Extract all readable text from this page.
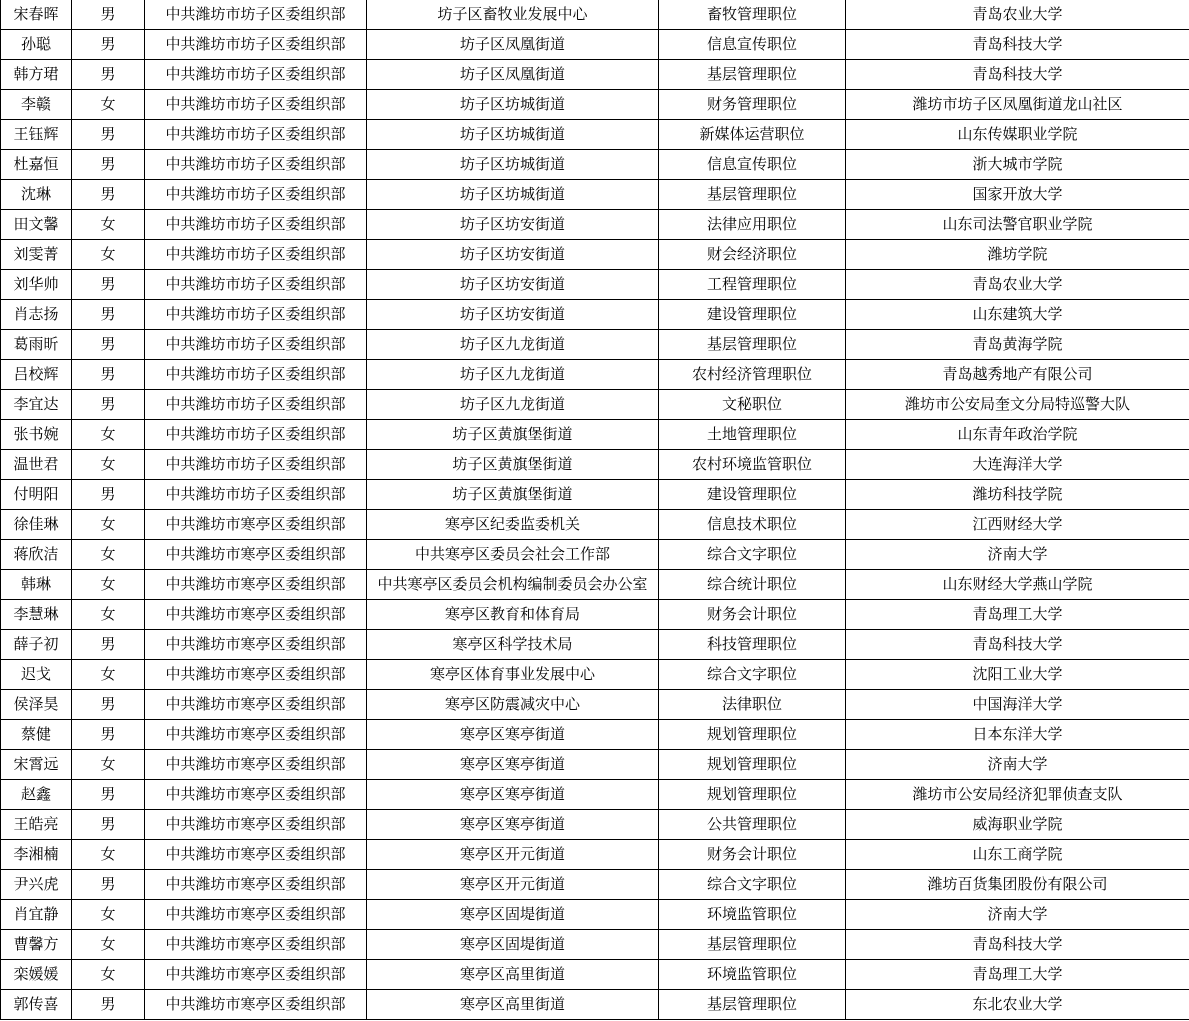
宋春晖	男	中共潍坊市坊子区委组织部	坊子区畜牧业发展中心	畜牧管理职位	青岛农业大学
孙聪	男	中共潍坊市坊子区委组织部	坊子区凤凰街道	信息宣传职位	青岛科技大学
韩方珺	男	中共潍坊市坊子区委组织部	坊子区凤凰街道	基层管理职位	青岛科技大学
李赣	女	中共潍坊市坊子区委组织部	坊子区坊城街道	财务管理职位	潍坊市坊子区凤凰街道龙山社区
王钰辉	男	中共潍坊市坊子区委组织部	坊子区坊城街道	新媒体运营职位	山东传媒职业学院
杜嘉恒	男	中共潍坊市坊子区委组织部	坊子区坊城街道	信息宣传职位	浙大城市学院
沈琳	男	中共潍坊市坊子区委组织部	坊子区坊城街道	基层管理职位	国家开放大学
田文馨	女	中共潍坊市坊子区委组织部	坊子区坊安街道	法律应用职位	山东司法警官职业学院
刘雯菁	女	中共潍坊市坊子区委组织部	坊子区坊安街道	财会经济职位	潍坊学院
刘华帅	男	中共潍坊市坊子区委组织部	坊子区坊安街道	工程管理职位	青岛农业大学
肖志扬	男	中共潍坊市坊子区委组织部	坊子区坊安街道	建设管理职位	山东建筑大学
葛雨昕	男	中共潍坊市坊子区委组织部	坊子区九龙街道	基层管理职位	青岛黄海学院
吕校辉	男	中共潍坊市坊子区委组织部	坊子区九龙街道	农村经济管理职位	青岛越秀地产有限公司
李宜达	男	中共潍坊市坊子区委组织部	坊子区九龙街道	文秘职位	潍坊市公安局奎文分局特巡警大队
张书婉	女	中共潍坊市坊子区委组织部	坊子区黄旗堡街道	土地管理职位	山东青年政治学院
温世君	女	中共潍坊市坊子区委组织部	坊子区黄旗堡街道	农村环境监管职位	大连海洋大学
付明阳	男	中共潍坊市坊子区委组织部	坊子区黄旗堡街道	建设管理职位	潍坊科技学院
徐佳琳	女	中共潍坊市寒亭区委组织部	寒亭区纪委监委机关	信息技术职位	江西财经大学
蒋欣洁	女	中共潍坊市寒亭区委组织部	中共寒亭区委员会社会工作部	综合文字职位	济南大学
韩琳	女	中共潍坊市寒亭区委组织部	中共寒亭区委员会机构编制委员会办公室	综合统计职位	山东财经大学燕山学院
李慧琳	女	中共潍坊市寒亭区委组织部	寒亭区教育和体育局	财务会计职位	青岛理工大学
薛子初	男	中共潍坊市寒亭区委组织部	寒亭区科学技术局	科技管理职位	青岛科技大学
迟戈	女	中共潍坊市寒亭区委组织部	寒亭区体育事业发展中心	综合文字职位	沈阳工业大学
侯泽昊	男	中共潍坊市寒亭区委组织部	寒亭区防震减灾中心	法律职位	中国海洋大学
蔡健	男	中共潍坊市寒亭区委组织部	寒亭区寒亭街道	规划管理职位	日本东洋大学
宋霄远	女	中共潍坊市寒亭区委组织部	寒亭区寒亭街道	规划管理职位	济南大学
赵鑫	男	中共潍坊市寒亭区委组织部	寒亭区寒亭街道	规划管理职位	潍坊市公安局经济犯罪侦查支队
王皓亮	男	中共潍坊市寒亭区委组织部	寒亭区寒亭街道	公共管理职位	威海职业学院
李湘楠	女	中共潍坊市寒亭区委组织部	寒亭区开元街道	财务会计职位	山东工商学院
尹兴虎	男	中共潍坊市寒亭区委组织部	寒亭区开元街道	综合文字职位	潍坊百货集团股份有限公司
肖宜静	女	中共潍坊市寒亭区委组织部	寒亭区固堤街道	环境监管职位	济南大学
曹馨方	女	中共潍坊市寒亭区委组织部	寒亭区固堤街道	基层管理职位	青岛科技大学
栾媛媛	女	中共潍坊市寒亭区委组织部	寒亭区高里街道	环境监管职位	青岛理工大学
郭传喜	男	中共潍坊市寒亭区委组织部	寒亭区高里街道	基层管理职位	东北农业大学
